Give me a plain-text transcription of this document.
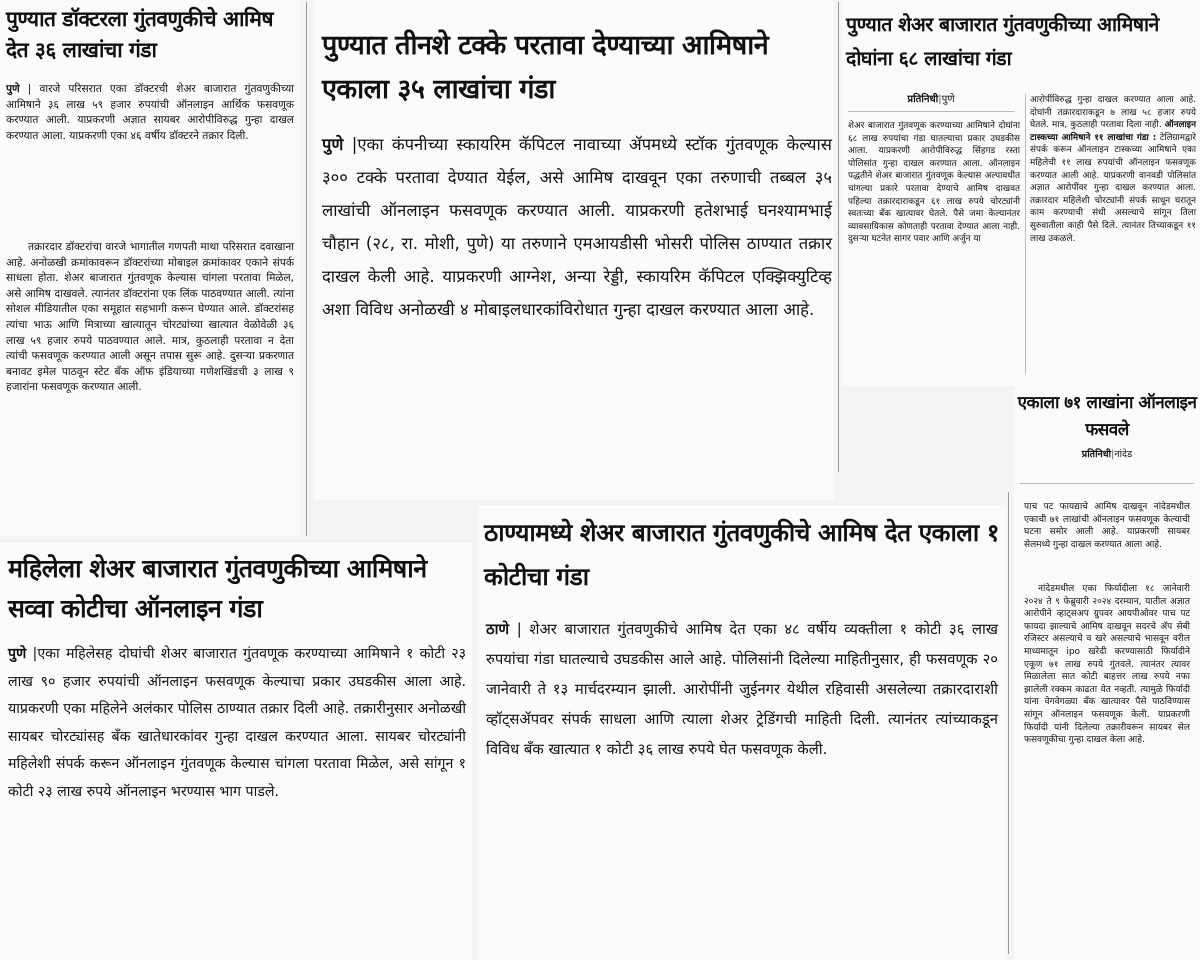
पुण्यात डॉक्टरला गुंतवणुकीचे आमिष देत ३६ लाखांचा गंडा

पुणे | वारजे परिसरात एका डॉक्टरची शेअर बाजारात गुंतवणुकीच्या आमिषाने ३६ लाख ५९ हजार रुपयांची ऑनलाइन आर्थिक फसवणूक करण्यात आली. याप्रकरणी अज्ञात सायबर आरोपीविरुद्ध गुन्हा दाखल करण्यात आला. याप्रकरणी एका ४६ वर्षीय डॉक्टरने तक्रार दिली.

तक्रारदार डॉक्टरांचा वारजे भागातील गणपती माथा परिसरात दवाखाना आहे. अनोळखी क्रमांकावरून डॉक्टरांच्या मोबाइल क्रमांकावर एकाने संपर्क साधला होता. शेअर बाजारात गुंतवणूक केल्यास चांगला परतावा मिळेल, असे आमिष दाखवले. त्यानंतर डॉक्टरांना एक लिंक पाठवण्यात आली. त्यांना सोशल मीडियातील एका समूहात सहभागी करून घेण्यात आले. डॉक्टरांसह त्यांचा भाऊ आणि मित्राच्या खात्यातून चोरट्यांच्या खात्यात वेळोवेळी ३६ लाख ५९ हजार रुपये पाठवण्यात आले. मात्र, कुठलाही परतावा न देता त्यांची फसवणूक करण्यात आली असून तपास सुरू आहे. दुसऱ्या प्रकरणात बनावट इमेल पाठवून स्टेट बँक ऑफ इंडियाच्या गणेशखिंडची ३ लाख ९ हजारांना फसवणूक करण्यात आली.

पुण्यात तीनशे टक्के परतावा देण्याच्या आमिषाने एकाला ३५ लाखांचा गंडा

पुणे |एका कंपनीच्या स्कायरिम कॅपिटल नावाच्या ॲपमध्ये स्टॉक गुंतवणूक केल्यास ३०० टक्के परतावा देण्यात येईल, असे आमिष दाखवून एका तरुणाची तब्बल ३५ लाखांची ऑनलाइन फसवणूक करण्यात आली. याप्रकरणी हतेशभाई घनश्यामभाई चौहान (२८, रा. मोशी, पुणे) या तरुणाने एमआयडीसी भोसरी पोलिस ठाण्यात तक्रार दाखल केली आहे. याप्रकरणी आग्नेश, अन्या रेड्डी, स्कायरिम कॅपिटल एक्झिक्युटिव्ह अशा विविध अनोळखी ४ मोबाइलधारकांविरोधात गुन्हा दाखल करण्यात आला आहे.

पुण्यात शेअर बाजारात गुंतवणुकीच्या आमिषाने दोघांना ६८ लाखांचा गंडा
प्रतिनिधी|पुणे

शेअर बाजारात गुंतवणूक करण्याच्या आमिषाने दोघांना ६८ लाख रुपयांचा गंडा घातल्याचा प्रकार उघडकीस आला. याप्रकरणी आरोपीविरुद्ध सिंहगड रस्ता पोलिसांत गुन्हा दाखल करण्यात आला. ऑनलाइन पद्धतीने शेअर बाजारात गुंतवणूक केल्यास अल्पावधीत चांगल्या प्रकारे परतावा देण्याचे आमिष दाखवत पहिल्या तक्रारदाराकडून ६१ लाख रुपये चोरट्यांनी स्वतःच्या बँक खात्यावर घेतले. पैसे जमा केल्यानंतर व्यावसायिकास कोणताही परतावा देण्यात आला नाही. दुसऱ्या घटनेत सागर पवार आणि अर्जुन या

आरोपींविरुद्ध गुन्हा दाखल करण्यात आला आहे. दोघांनी तक्रारदाराकडून ७ लाख ५८ हजार रुपये घेतले. मात्र, कुठलाही परतावा दिला नाही. ऑनलाइन टास्कच्या आमिषाने ११ लाखांचा गंडा : टेलिग्रामद्वारे संपर्क करून ऑनलाइन टास्कच्या आमिषाने एका महिलेची ११ लाख रुपयांची ऑनलाइन फसवणूक करण्यात आली आहे. याप्रकरणी वानवडी पोलिसांत अज्ञात आरोपींवर गुन्हा दाखल करण्यात आला. तक्रारदार महिलेशी चोरट्यांनी संपर्क साधून घरातून काम करण्याची संधी असल्याचे सांगून तिला सुरुवातीला काही पैसे दिले. त्यानंतर तिच्याकडून ११ लाख उकळले.

एकाला ७१ लाखांना ऑनलाइन फसवले
प्रतिनिधी|नांदेड

पाच पट फायद्याचे आमिष दाखवून नांदेडमधील एकाची ७१ लाखांची ऑनलाइन फसवणूक केल्याची घटना समोर आली आहे. याप्रकरणी सायबर सेलमध्ये गुन्हा दाखल करण्यात आला आहे.

नांदेडमधील एका फिर्यादीला १८ जानेवारी २०२४ ते ९ फेब्रुवारी २०२४ दरम्यान, यातील अज्ञात आरोपीने व्हाट्सअप ग्रुपवर आयपीओवर पाच पट फायदा झाल्याचे आमिष दाखवून सदरचे ॲप सेबी रजिस्टर असल्याचे व खरे असल्याचे भासवून वरील माध्यमातून ipo खरेदी करण्यासाठी फिर्यादीने एकूण ७१ लाख रुपये गुंतवले. त्यानंतर त्यावर मिळालेला सात कोटी बाहत्तर लाख रुपये नफा झालेली रक्कम काढता येत नव्हती. त्यामुळे फिर्यादी यांना वेगवेगळ्या बँक खात्यावर पैसे पाठविण्यास सांगून ऑनलाइन फसवणूक केली. याप्रकरणी फिर्यादी यांनी दिलेल्या तक्रारीवरून सायबर सेल फसवणूकीचा गुन्हा दाखल केला आहे.

महिलेला शेअर बाजारात गुंतवणुकीच्या आमिषाने सव्वा कोटीचा ऑनलाइन गंडा

पुणे |एका महिलेसह दोघांची शेअर बाजारात गुंतवणूक करण्याच्या आमिषाने १ कोटी २३ लाख ९० हजार रुपयांची ऑनलाइन फसवणूक केल्याचा प्रकार उघडकीस आला आहे. याप्रकरणी एका महिलेने अलंकार पोलिस ठाण्यात तक्रार दिली आहे. तक्रारीनुसार अनोळखी सायबर चोरट्यांसह बँक खातेधारकांवर गुन्हा दाखल करण्यात आला. सायबर चोरट्यांनी महिलेशी संपर्क करून ऑनलाइन गुंतवणूक केल्यास चांगला परतावा मिळेल, असे सांगून १ कोटी २३ लाख रुपये ऑनलाइन भरण्यास भाग पाडले.

ठाण्यामध्ये शेअर बाजारात गुंतवणुकीचे आमिष देत एकाला १ कोटीचा गंडा

ठाणे | शेअर बाजारात गुंतवणुकीचे आमिष देत एका ४८ वर्षीय व्यक्तीला १ कोटी ३६ लाख रुपयांचा गंडा घातल्याचे उघडकीस आले आहे. पोलिसांनी दिलेल्या माहितीनुसार, ही फसवणूक २० जानेवारी ते १३ मार्चदरम्यान झाली. आरोपींनी जुईनगर येथील रहिवासी असलेल्या तक्रारदाराशी व्हॉट्सॲपवर संपर्क साधला आणि त्याला शेअर ट्रेडिंगची माहिती दिली. त्यानंतर त्यांच्याकडून विविध बँक खात्यात १ कोटी ३६ लाख रुपये घेत फसवणूक केली.
